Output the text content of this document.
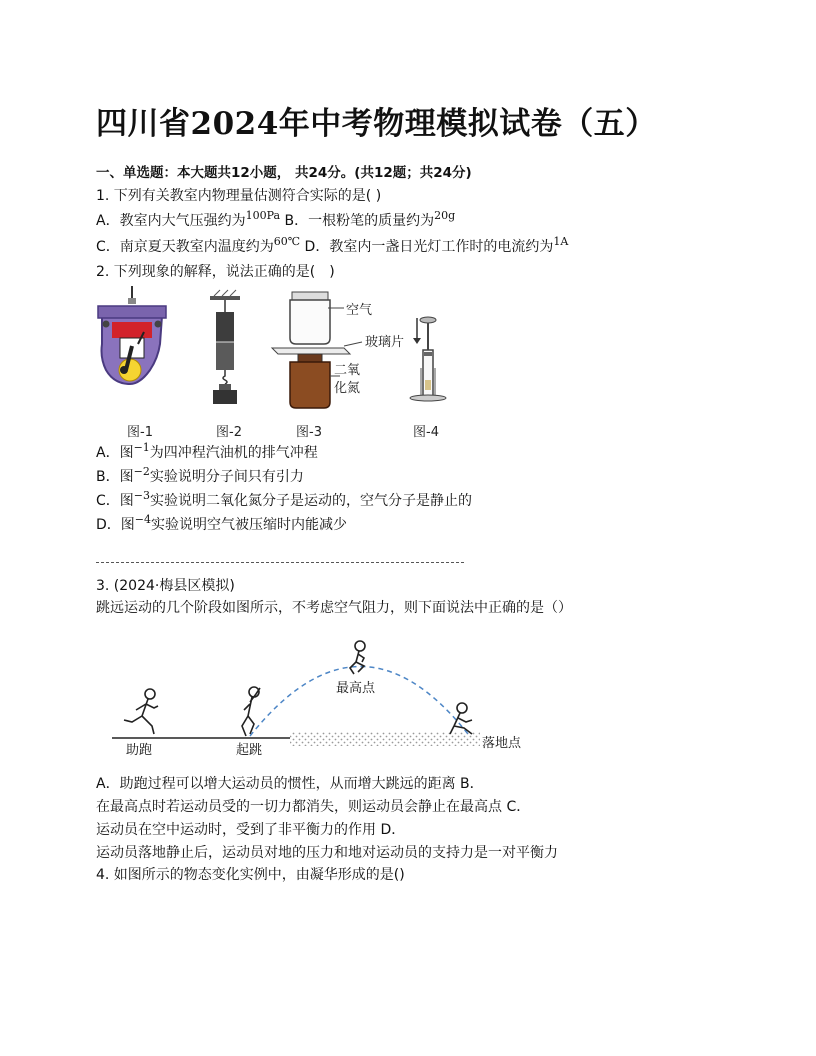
四川省2024年中考物理模拟试卷（五）
一、单选题：本大题共12小题， 共24分。(共12题；共24分)
1. 下列有关教室内物理量估测符合实际的是( )
A．教室内大气压强约为$^{100Pa}$ B．一根粉笔的质量约为$^{20g}$
C．南京夏天教室内温度约为$^{60℃}$ D．教室内一盏日光灯工作时的电流约为$^{1A}$
2. 下列现象的解释，说法正确的是(　)
空气
玻璃片
二氧
化氮
图-1	图-2	图-3	图-4
A．图$^{-1}$为四冲程汽油机的排气冲程
B．图$^{-2}$实验说明分子间只有引力
C．图$^{-3}$实验说明二氧化氮分子是运动的，空气分子是静止的
D．图$^{-4}$实验说明空气被压缩时内能减少
3. (2024·梅县区模拟)
跳远运动的几个阶段如图所示，不考虑空气阻力，则下面说法中正确的是（）
助跑	起跳
最高点
落地点
A．助跑过程可以增大运动员的惯性，从而增大跳远的距离 B．
在最高点时若运动员受的一切力都消失，则运动员会静止在最高点 C．
运动员在空中运动时，受到了非平衡力的作用 D．
运动员落地静止后，运动员对地的压力和地对运动员的支持力是一对平衡力
4. 如图所示的物态变化实例中，由凝华形成的是()
